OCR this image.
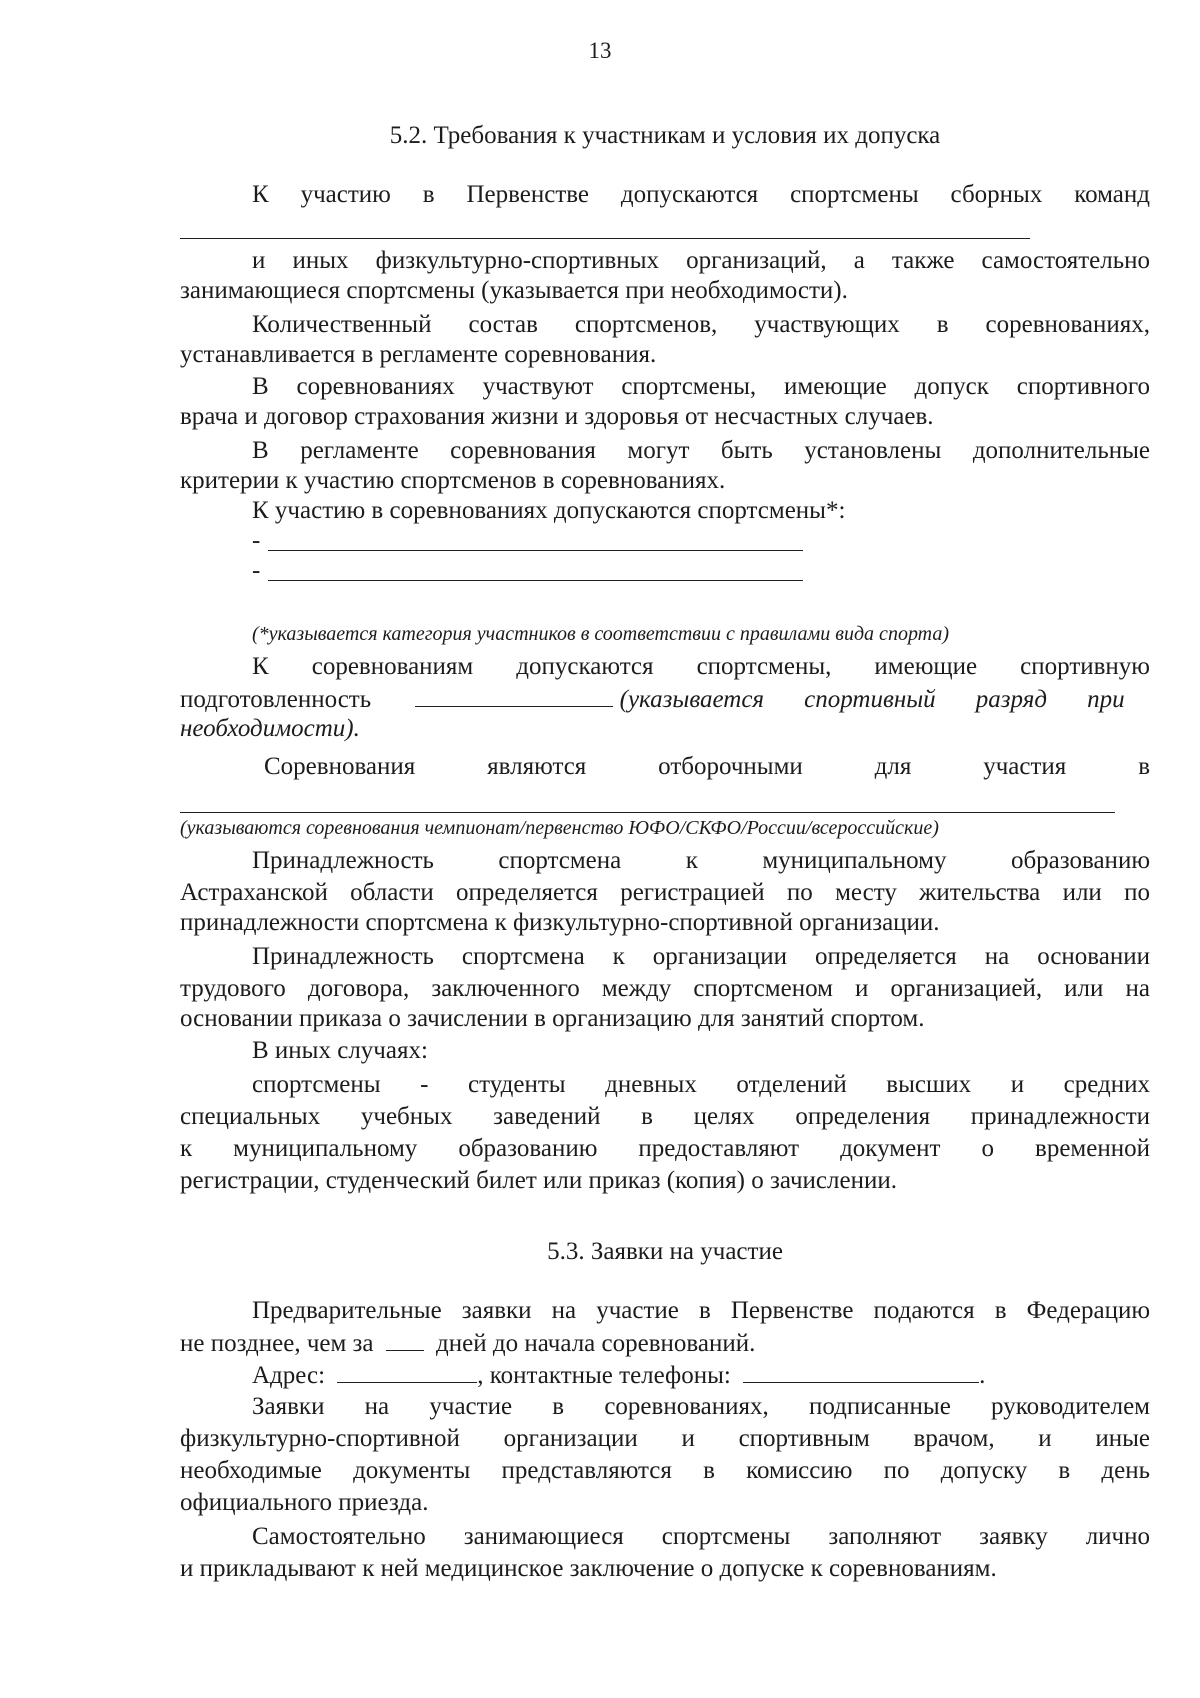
13
5.2. Требования к участникам и условия их допуска
К участию в Первенстве допускаются спортсмены сборных команд
и иных физкультурно-спортивных организаций, а также самостоятельно
занимающиеся спортсмены (указывается при необходимости).
Количественный состав спортсменов, участвующих в соревнованиях,
устанавливается в регламенте соревнования.
В соревнованиях участвуют спортсмены, имеющие допуск спортивного
врача и договор страхования жизни и здоровья от несчастных случаев.
В регламенте соревнования могут быть установлены дополнительные
критерии к участию спортсменов в соревнованиях.
К участию в соревнованиях допускаются спортсмены*:
-
-
(*указывается категория участников в соответствии с правилами вида спорта)
К соревнованиям допускаются спортсмены, имеющие спортивную
подготовленность	(указывается спортивный разряд при
необходимости).
Соревнования являются отборочными для участия в
(указываются соревнования чемпионат/первенство ЮФО/СКФО/России/всероссийские)
Принадлежность спортсмена к муниципальному образованию
Астраханской области определяется регистрацией по месту жительства или по
принадлежности спортсмена к физкультурно-спортивной организации.
Принадлежность спортсмена к организации определяется на основании
трудового договора, заключенного между спортсменом и организацией, или на
основании приказа о зачислении в организацию для занятий спортом.
В иных случаях:
спортсмены - студенты дневных отделений высших и средних
специальных учебных заведений в целях определения принадлежности
к муниципальному образованию предоставляют документ о временной
регистрации, студенческий билет или приказ (копия) о зачислении.
5.3. Заявки на участие
Предварительные заявки на участие в Первенстве подаются в Федерацию
не позднее, чем за	дней до начала соревнований.
Адрес:	, контактные телефоны:	.
Заявки на участие в соревнованиях, подписанные руководителем
физкультурно-спортивной организации и спортивным врачом, и иные
необходимые документы представляются в комиссию по допуску в день
официального приезда.
Самостоятельно занимающиеся спортсмены заполняют заявку лично
и прикладывают к ней медицинское заключение о допуске к соревнованиям.
